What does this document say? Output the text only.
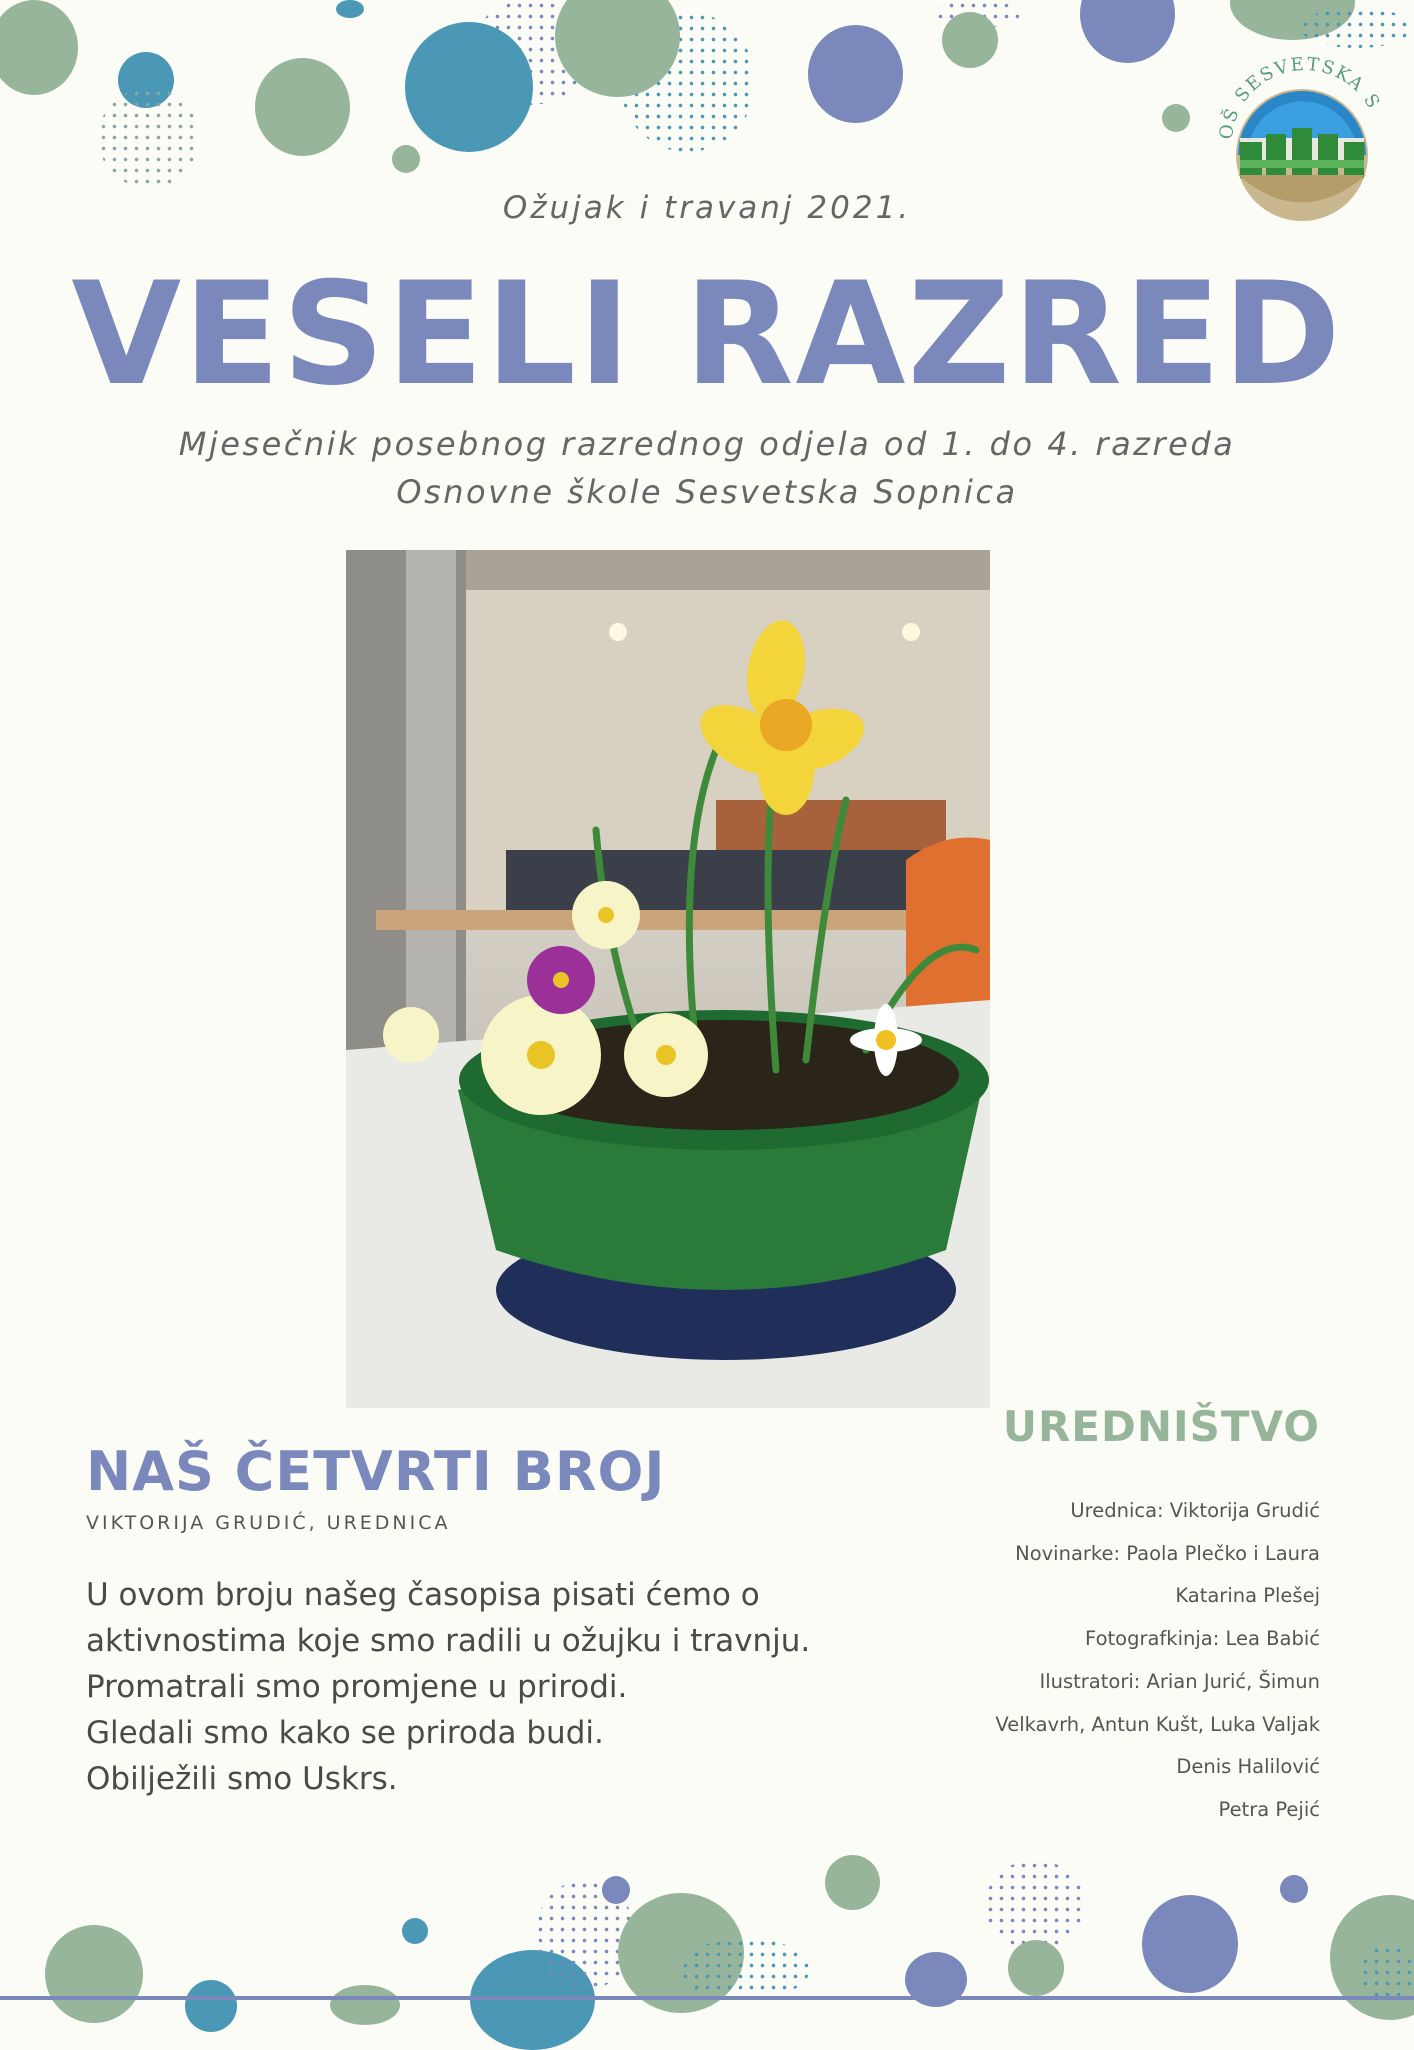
OŠ SESVETSKA S
Ožujak i travanj 2021.
VESELI RAZRED
Mjesečnik posebnog razrednog odjela od 1. do 4. razreda
Osnovne škole Sesvetska Sopnica
NAŠ ČETVRTI BROJ
VIKTORIJA GRUDIĆ, UREDNICA

U ovom broju našeg časopisa pisati ćemo o

aktivnostima koje smo radili u ožujku i travnju.

Promatrali smo promjene u prirodi.

Gledali smo kako se priroda budi.

Obilježili smo Uskrs.

UREDNIŠTVO
Urednica: Viktorija Grudić
Novinarke: Paola Plečko i Laura
Katarina Plešej
Fotografkinja: Lea Babić
Ilustratori: Arian Jurić, Šimun
Velkavrh, Antun Kušt, Luka Valjak
Denis Halilović
Petra Pejić
